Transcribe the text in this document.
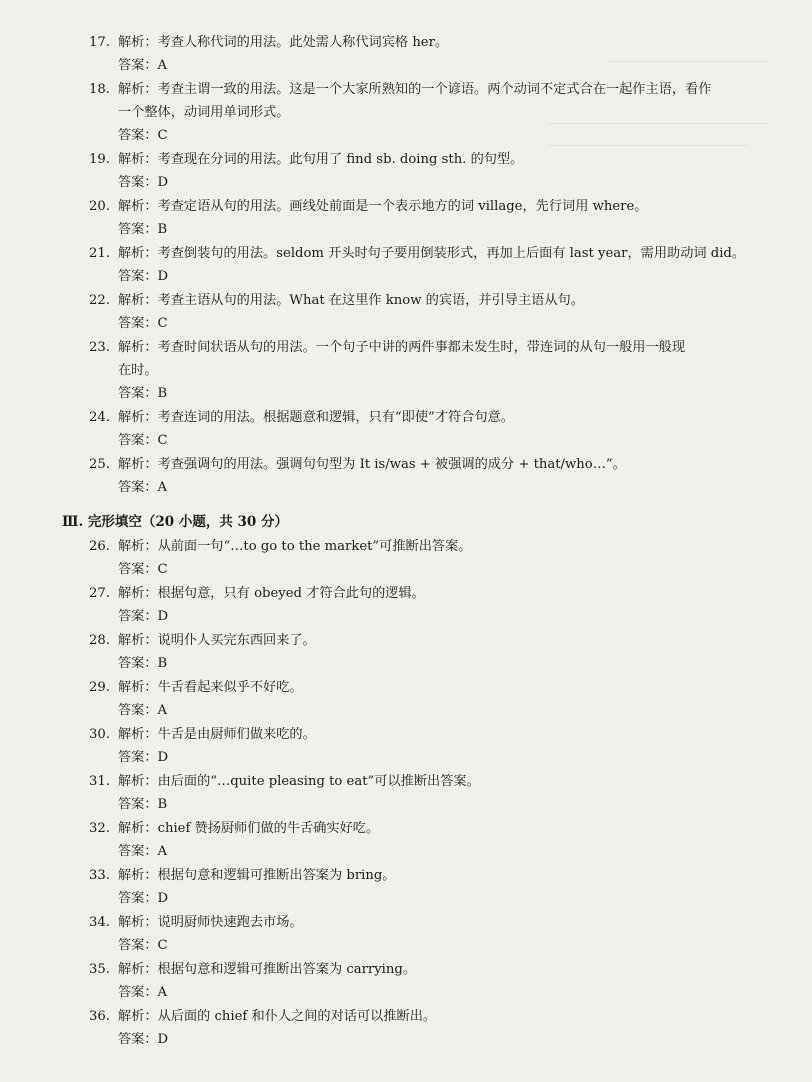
17. 解析： 考查人称代词的用法。此处需人称代词宾格 her。
答案：A
18. 解析： 考查主谓一致的用法。这是一个大家所熟知的一个谚语。两个动词不定式合在一起作主语，看作
一个整体，动词用单词形式。
答案：C
19. 解析： 考查现在分词的用法。此句用了 find sb. doing sth. 的句型。
答案：D
20. 解析： 考查定语从句的用法。画线处前面是一个表示地方的词 village，先行词用 where。
答案：B
21. 解析： 考查倒装句的用法。seldom 开头时句子要用倒装形式，再加上后面有 last year，需用助动词 did。
答案：D
22. 解析： 考查主语从句的用法。What 在这里作 know 的宾语，并引导主语从句。
答案：C
23. 解析： 考查时间状语从句的用法。一个句子中讲的两件事都未发生时，带连词的从句一般用一般现
在时。
答案：B
24. 解析： 考查连词的用法。根据题意和逻辑，只有“即使”才符合句意。
答案：C
25. 解析： 考查强调句的用法。强调句句型为 It is/was + 被强调的成分 + that/who…”。
答案：A
Ⅲ. 完形填空（20 小题，共 30 分）
26. 解析： 从前面一句“…to go to the market”可推断出答案。
答案：C
27. 解析： 根据句意，只有 obeyed 才符合此句的逻辑。
答案：D
28. 解析： 说明仆人买完东西回来了。
答案：B
29. 解析： 牛舌看起来似乎不好吃。
答案：A
30. 解析： 牛舌是由厨师们做来吃的。
答案：D
31. 解析： 由后面的“…quite pleasing to eat”可以推断出答案。
答案：B
32. 解析： chief 赞扬厨师们做的牛舌确实好吃。
答案：A
33. 解析： 根据句意和逻辑可推断出答案为 bring。
答案：D
34. 解析： 说明厨师快速跑去市场。
答案：C
35. 解析： 根据句意和逻辑可推断出答案为 carrying。
答案：A
36. 解析： 从后面的 chief 和仆人之间的对话可以推断出。
答案：D
